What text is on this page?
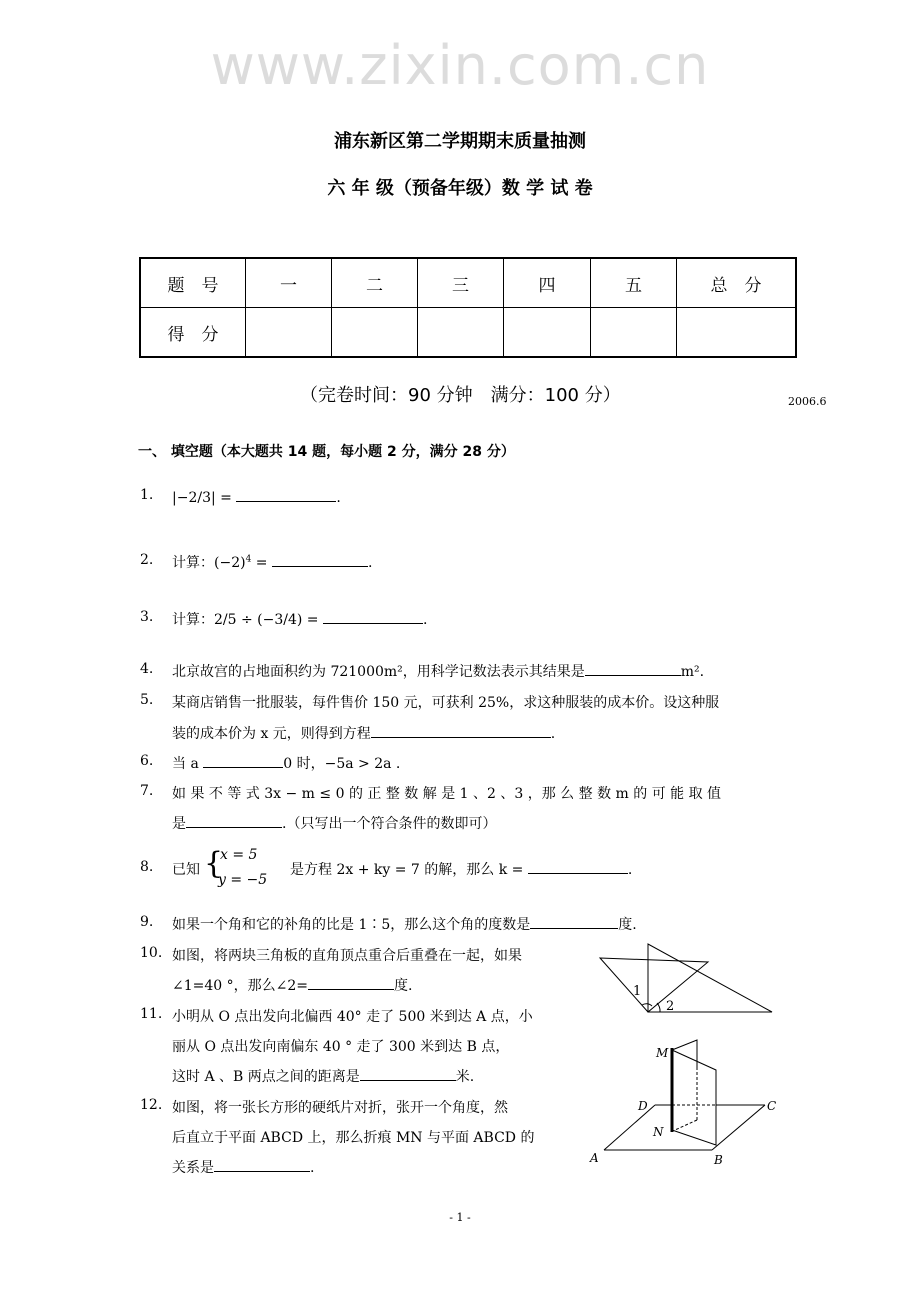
www.zixin.com.cn
浦东新区第二学期期末质量抽测
六 年 级（预备年级）数 学 试 卷
题　号	一	二	三	四	五	总　分
得　分						
（完卷时间：90 分钟　满分：100 分）	2006.6
一、 填空题（本大题共 14 题，每小题 2 分，满分 28 分）
1. |−2/3| =	.
2. 计算：$(-2)^4$ =	.
3. 计算：2/5 ÷ (−3/4) =	.
4. 北京故宫的占地面积约为 721000m²，用科学记数法表示其结果是	m².
5. 某商店销售一批服装，每件售价 150 元，可获利 25%，求这种服装的成本价。设这种服
装的成本价为 x 元，则得到方程	.
6. 当 a	0 时，−5a > 2a .
7. 如 果 不 等 式 3x − m ≤ 0 的 正 整 数 解 是 1 、2 、3 ，那 么 整 数 m 的 可 能 取 值
是	.（只写出一个符合条件的数即可）
8. 已知 {
x = 5
y = −5
是方程 2x + ky = 7 的解，那么 k =	.
9. 如果一个角和它的补角的比是 1∶5，那么这个角的度数是	度.
10. 如图，将两块三角板的直角顶点重合后重叠在一起，如果
∠1=40 °，那么∠2=	度.
11. 小明从 O 点出发向北偏西 40° 走了 500 米到达 A 点，小
丽从 O 点出发向南偏东 40 ° 走了 300 米到达 B 点，
这时 A 、B 两点之间的距离是	米.
12. 如图，将一张长方形的硬纸片对折，张开一个角度，然
后直立于平面 ABCD 上，那么折痕 MN 与平面 ABCD 的
关系是	.
1
2
M
N
D	C
A	B
- 1 -
